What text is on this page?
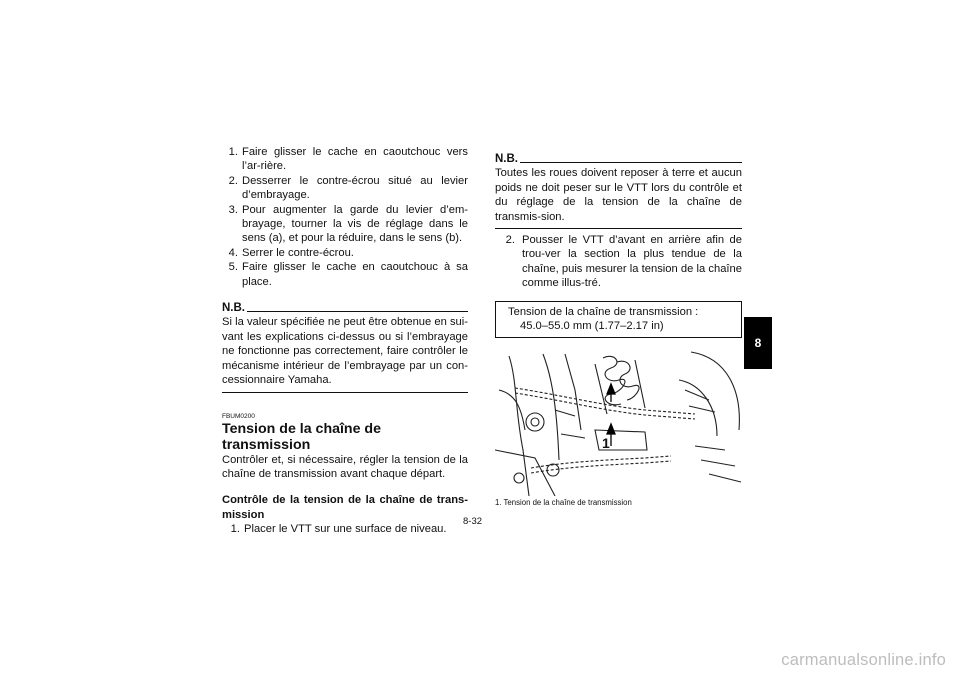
1. Faire glisser le cache en caoutchouc vers l’ar-rière.
2. Desserrer le contre-écrou situé au levier d’embrayage.
3. Pour augmenter la garde du levier d’em-brayage, tourner la vis de réglage dans le sens (a), et pour la réduire, dans le sens (b).
4. Serrer le contre-écrou.
5. Faire glisser le cache en caoutchouc à sa place.
N.B.

Si la valeur spécifiée ne peut être obtenue en sui-vant les explications ci-dessus ou si l’embrayage ne fonctionne pas correctement, faire contrôler le mécanisme intérieur de l’embrayage par un con-cessionnaire Yamaha.

FBUM0200
Tension de la chaîne de transmission

Contrôler et, si nécessaire, régler la tension de la chaîne de transmission avant chaque départ.

Contrôle de la tension de la chaîne de trans-mission

1. Placer le VTT sur une surface de niveau.
N.B.

Toutes les roues doivent reposer à terre et aucun poids ne doit peser sur le VTT lors du contrôle et du réglage de la tension de la chaîne de transmis-sion.

2. Pousser le VTT d’avant en arrière afin de trou-ver la section la plus tendue de la chaîne, puis mesurer la tension de la chaîne comme illus-tré.
Tension de la chaîne de transmission :
45.0–55.0 mm (1.77–2.17 in)
1
1. Tension de la chaîne de transmission
8-32
8
carmanualsonline.info
